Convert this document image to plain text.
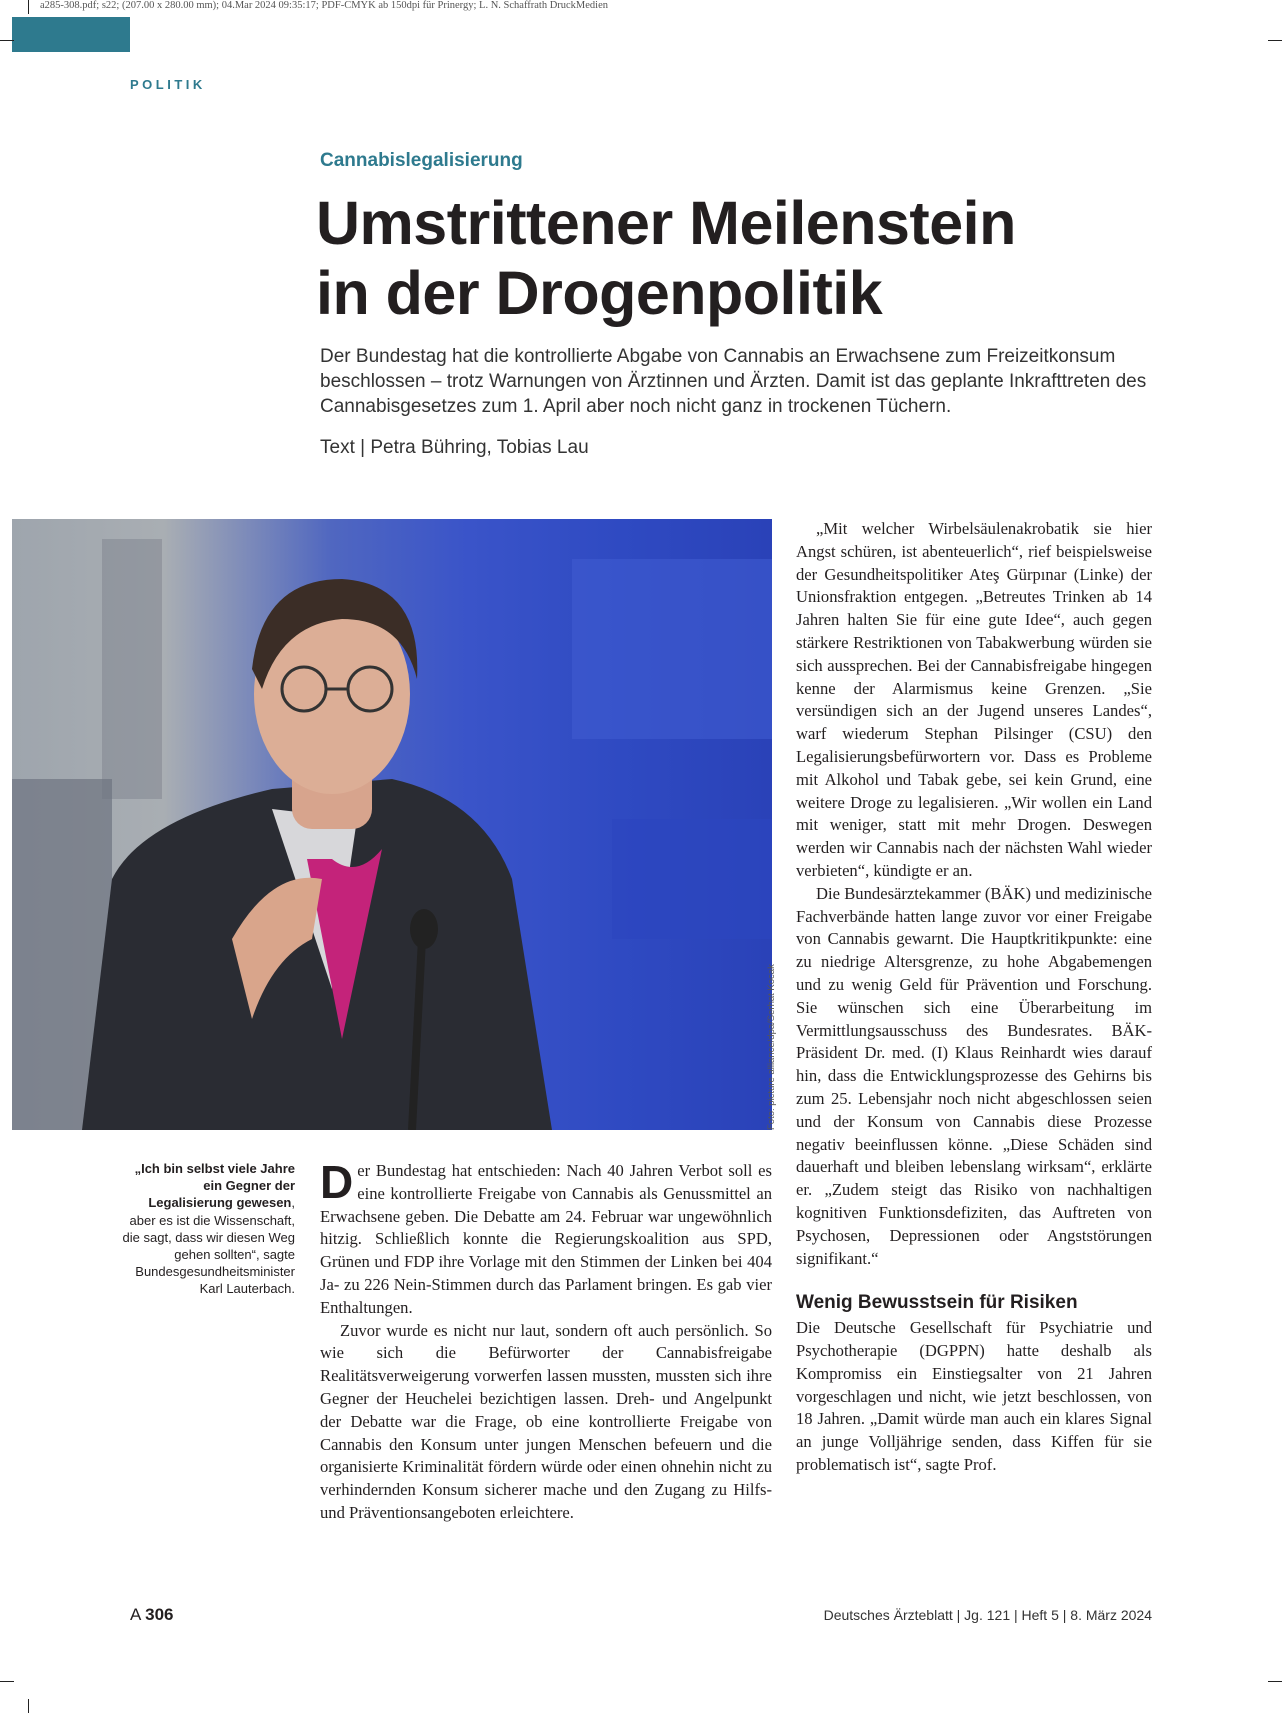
a285-308.pdf; s22; (207.00 x 280.00 mm); 04.Mar 2024 09:35:17; PDF-CMYK ab 150dpi für Prinergy; L. N. Schaffrath DruckMedien
POLITIK
Cannabislegalisierung
Umstrittener Meilenstein
in der Drogenpolitik

Der Bundestag hat die kontrollierte Abgabe von Cannabis an Erwachsene zum Freizeitkonsum beschlossen – trotz Warnungen von Ärztinnen und Ärzten. Damit ist das geplante Inkrafttreten des Cannabisgesetzes zum 1. April aber noch nicht ganz in trockenen Tüchern.

Text | Petra Bühring, Tobias Lau
Foto: picture alliance/dpa/Serhat Kocak

„Ich bin selbst viele Jahre ein Gegner der Legalisierung gewesen, aber es ist die Wissenschaft, die sagt, dass wir diesen Weg gehen sollten“, sagte Bundesgesundheitsminister Karl Lauterbach.

Der Bundestag hat entschieden: Nach 40 Jahren Verbot soll es eine kontrollierte Freigabe von Cannabis als Genussmittel an Erwachsene geben. Die Debatte am 24. Februar war ungewöhnlich hitzig. Schließlich konnte die Regierungskoalition aus SPD, Grünen und FDP ihre Vorlage mit den Stimmen der Linken bei 404 Ja- zu 226 Nein-Stimmen durch das Parlament bringen. Es gab vier Enthaltungen.

Zuvor wurde es nicht nur laut, sondern oft auch persönlich. So wie sich die Befürworter der Cannabisfreigabe Realitätsverweigerung vorwerfen lassen mussten, mussten sich ihre Gegner der Heuchelei bezichtigen lassen. Dreh- und Angelpunkt der Debatte war die Frage, ob eine kontrollierte Freigabe von Cannabis den Konsum unter jungen Menschen befeuern und die organisierte Kriminalität fördern würde oder einen ohnehin nicht zu verhindernden Konsum sicherer mache und den Zugang zu Hilfs- und Präventionsangeboten erleichtere.

„Mit welcher Wirbelsäulenakrobatik sie hier Angst schüren, ist abenteuerlich“, rief beispielsweise der Gesundheitspolitiker Ateş Gürpınar (Linke) der Unionsfraktion entgegen. „Betreutes Trinken ab 14 Jahren halten Sie für eine gute Idee“, auch gegen stärkere Restriktionen von Tabakwerbung würden sie sich aussprechen. Bei der Cannabisfreigabe hingegen kenne der Alarmismus keine Grenzen. „Sie versündigen sich an der Jugend unseres Landes“, warf wiederum Stephan Pilsinger (CSU) den Legalisierungsbefürwortern vor. Dass es Probleme mit Alkohol und Tabak gebe, sei kein Grund, eine weitere Droge zu legalisieren. „Wir wollen ein Land mit weniger, statt mit mehr Drogen. Deswegen werden wir Cannabis nach der nächsten Wahl wieder verbieten“, kündigte er an.

Die Bundesärztekammer (BÄK) und medizinische Fachverbände hatten lange zuvor vor einer Freigabe von Cannabis gewarnt. Die Hauptkritikpunkte: eine zu niedrige Altersgrenze, zu hohe Abgabemengen und zu wenig Geld für Prävention und Forschung. Sie wünschen sich eine Überarbeitung im Vermittlungsausschuss des Bundesrates. BÄK-Präsident Dr. med. (I) Klaus Reinhardt wies darauf hin, dass die Entwicklungsprozesse des Gehirns bis zum 25. Lebensjahr noch nicht abgeschlossen seien und der Konsum von Cannabis diese Prozesse negativ beeinflussen könne. „Diese Schäden sind dauerhaft und bleiben lebenslang wirksam“, erklärte er. „Zudem steigt das Risiko von nachhaltigen kognitiven Funktionsdefiziten, das Auftreten von Psychosen, Depressionen oder Angststörungen signifikant.“

Wenig Bewusstsein für Risiken

Die Deutsche Gesellschaft für Psychiatrie und Psychotherapie (DGPPN) hatte deshalb als Kompromiss ein Einstiegsalter von 21 Jahren vorgeschlagen und nicht, wie jetzt beschlossen, von 18 Jahren. „Damit würde man auch ein klares Signal an junge Volljährige senden, dass Kiffen für sie problematisch ist“, sagte Prof.

A 306	Deutsches Ärzteblatt | Jg. 121 | Heft 5 | 8. März 2024
